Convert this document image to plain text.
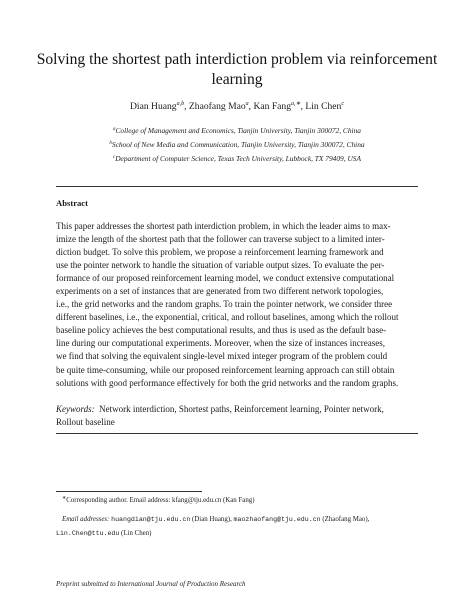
Solving the shortest path interdiction problem via reinforcement learning
Dian Huang$^{a,b}$, Zhaofang Mao$^a$, Kan Fang$^{a,∗}$, Lin Chen$^c$
$^a$College of Management and Economics, Tianjin University, Tianjin 300072, China
$^b$School of New Media and Communication, Tianjin University, Tianjin 300072, China
$^c$Department of Computer Science, Texas Tech University, Lubbock, TX 79409, USA
Abstract
This paper addresses the shortest path interdiction problem, in which the leader aims to max-
imize the length of the shortest path that the follower can traverse subject to a limited inter-
diction budget. To solve this problem, we propose a reinforcement learning framework and
use the pointer network to handle the situation of variable output sizes. To evaluate the per-
formance of our proposed reinforcement learning model, we conduct extensive computational
experiments on a set of instances that are generated from two different network topologies,
i.e., the grid networks and the random graphs. To train the pointer network, we consider three
different baselines, i.e., the exponential, critical, and rollout baselines, among which the rollout
baseline policy achieves the best computational results, and thus is used as the default base-
line during our computational experiments. Moreover, when the size of instances increases,
we find that solving the equivalent single-level mixed integer program of the problem could
be quite time-consuming, while our proposed reinforcement learning approach can still obtain
solutions with good performance effectively for both the grid networks and the random graphs.
Keywords: Network interdiction, Shortest paths, Reinforcement learning, Pointer network,
Rollout baseline
∗Corresponding author. Email address: kfang@tju.edu.cn (Kan Fang)
Email addresses: huangdian@tju.edu.cn (Dian Huang), maozhaofang@tju.edu.cn (Zhaofang Mao),
Lin.Chen@ttu.edu (Lin Chen)
Preprint submitted to International Journal of Production Research
